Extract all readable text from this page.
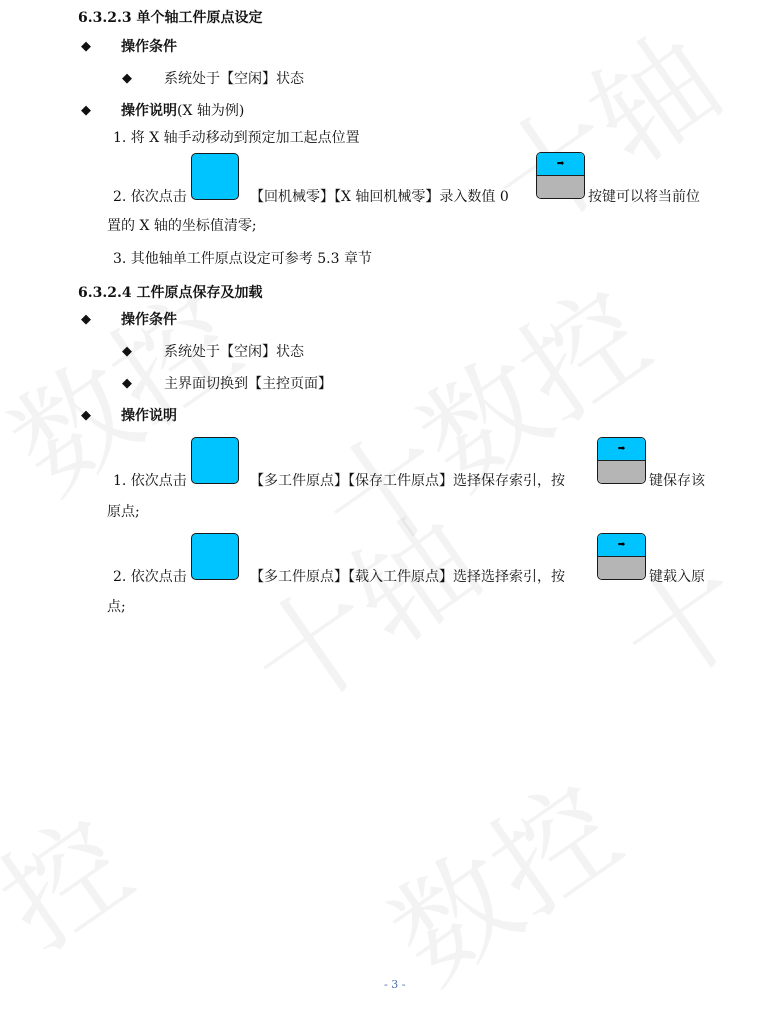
6.3.2.3 单个轴工件原点设定
◆ 操作条件
◆ 系统处于【空闲】状态
◆ 操作说明(X 轴为例)
1. 将 X 轴手动移动到预定加工起点位置
2. 依次点击	【回机械零】【X 轴回机械零】录入数值 0
➡
按键可以将当前位
置的 X 轴的坐标值清零;
3. 其他轴单工件原点设定可参考 5.3 章节
6.3.2.4 工件原点保存及加载
◆ 操作条件
◆ 系统处于【空闲】状态
◆ 主界面切换到【主控页面】
◆ 操作说明
1. 依次点击	【多工件原点】【保存工件原点】选择保存索引，按
➡
键保存该
原点;
2. 依次点击	【多工件原点】【载入工件原点】选择选择索引，按
➡
键载入原
点;
- 3 -
